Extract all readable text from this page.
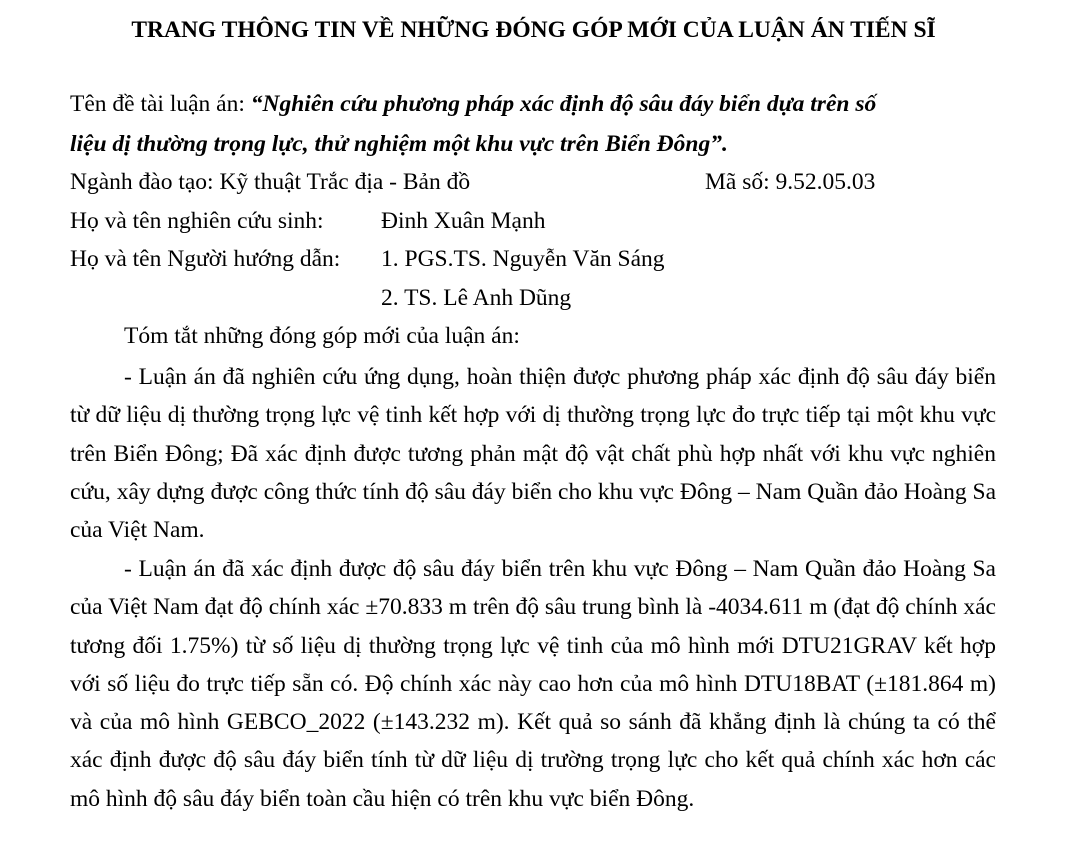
TRANG THÔNG TIN VỀ NHỮNG ĐÓNG GÓP MỚI CỦA LUẬN ÁN TIẾN SĨ
Tên đề tài luận án: “Nghiên cứu phương pháp xác định độ sâu đáy biển dựa trên số
liệu dị thường trọng lực, thử nghiệm một khu vực trên Biển Đông”.
Ngành đào tạo: Kỹ thuật Trắc địa - Bản đồ	Mã số: 9.52.05.03
Họ và tên nghiên cứu sinh: Đinh Xuân Mạnh
Họ và tên Người hướng dẫn: 1. PGS.TS. Nguyễn Văn Sáng
2. TS. Lê Anh Dũng
Tóm tắt những đóng góp mới của luận án:
- Luận án đã nghiên cứu ứng dụng, hoàn thiện được phương pháp xác định độ sâu đáy biển từ dữ liệu dị thường trọng lực vệ tinh kết hợp với dị thường trọng lực đo trực tiếp tại một khu vực trên Biển Đông; Đã xác định được tương phản mật độ vật chất phù hợp nhất với khu vực nghiên cứu, xây dựng được công thức tính độ sâu đáy biển cho khu vực Đông – Nam Quần đảo Hoàng Sa của Việt Nam.
- Luận án đã xác định được độ sâu đáy biển trên khu vực Đông – Nam Quần đảo Hoàng Sa của Việt Nam đạt độ chính xác ±70.833 m trên độ sâu trung bình là -4034.611 m (đạt độ chính xác tương đối 1.75%) từ số liệu dị thường trọng lực vệ tinh của mô hình mới DTU21GRAV kết hợp với số liệu đo trực tiếp sẵn có. Độ chính xác này cao hơn của mô hình DTU18BAT (±181.864 m) và của mô hình GEBCO_2022 (±143.232 m). Kết quả so sánh đã khẳng định là chúng ta có thể xác định được độ sâu đáy biển tính từ dữ liệu dị trường trọng lực cho kết quả chính xác hơn các mô hình độ sâu đáy biển toàn cầu hiện có trên khu vực biển Đông.
